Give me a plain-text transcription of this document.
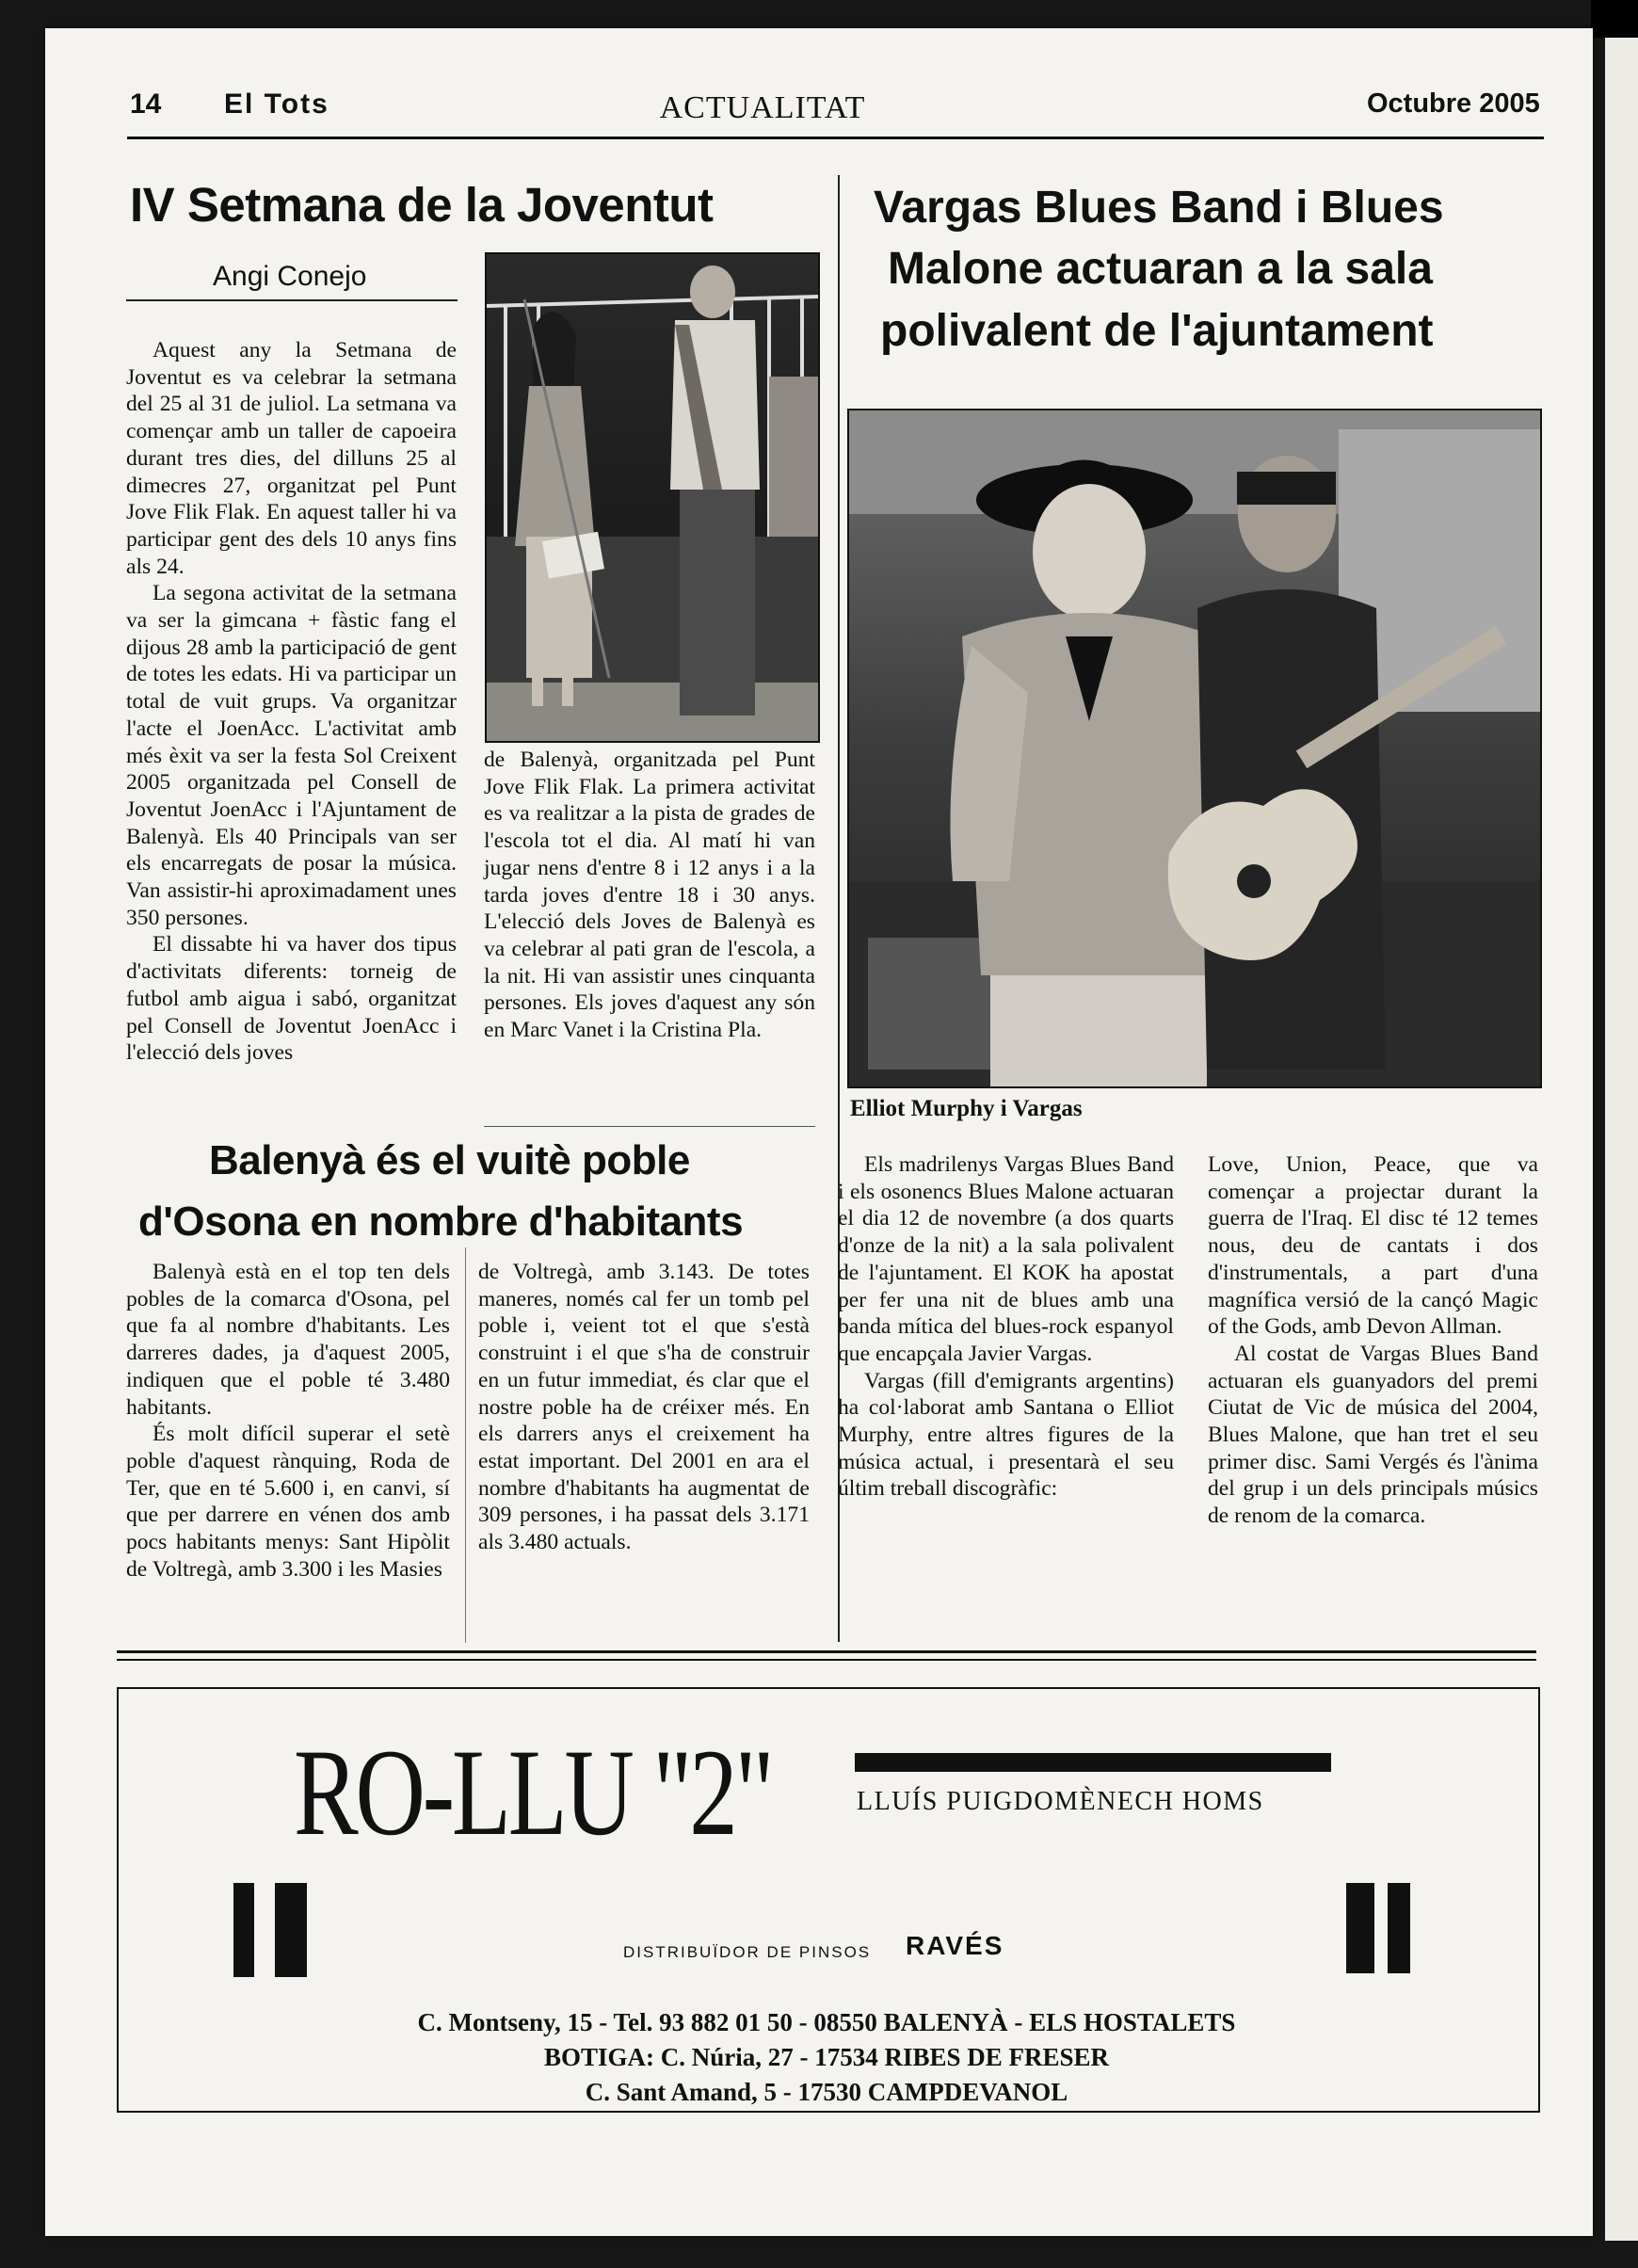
14 El Tots	ACTUALITAT	Octubre 2005
IV Setmana de la Joventut
Angi Conejo

Aquest any la Setmana de Joventut es va celebrar la setmana del 25 al 31 de juliol. La setmana va començar amb un taller de capoeira durant tres dies, del dilluns 25 al dimecres 27, organitzat pel Punt Jove Flik Flak. En aquest taller hi va participar gent des dels 10 anys fins als 24.

La segona activitat de la setmana va ser la gimcana + fàstic fang el dijous 28 amb la participació de gent de totes les edats. Hi va participar un total de vuit grups. Va organitzar l'acte el JoenAcc. L'activitat amb més èxit va ser la festa Sol Creixent 2005 organitzada pel Consell de Joventut JoenAcc i l'Ajuntament de Balenyà. Els 40 Principals van ser els encarregats de posar la música. Van assistir-hi aproximadament unes 350 persones.

El dissabte hi va haver dos tipus d'activitats diferents: torneig de futbol amb aigua i sabó, organitzat pel Consell de Joventut JoenAcc i l'elecció dels joves

de Balenyà, organitzada pel Punt Jove Flik Flak. La primera activitat es va realitzar a la pista de grades de l'escola tot el dia. Al matí hi van jugar nens d'entre 8 i 12 anys i a la tarda joves d'entre 18 i 30 anys. L'elecció dels Joves de Balenyà es va celebrar al pati gran de l'escola, a la nit. Hi van assistir unes cinquanta persones. Els joves d'aquest any són en Marc Vanet i la Cristina Pla.

Balenyà és el vuitè poble
d'Osona en nombre d'habitants

Balenyà està en el top ten dels pobles de la comarca d'Osona, pel que fa al nombre d'habitants. Les darreres dades, ja d'aquest 2005, indiquen que el poble té 3.480 habitants.

És molt difícil superar el setè poble d'aquest rànquing, Roda de Ter, que en té 5.600 i, en canvi, sí que per darrere en vénen dos amb pocs habitants menys: Sant Hipòlit de Voltregà, amb 3.300 i les Masies

de Voltregà, amb 3.143. De totes maneres, només cal fer un tomb pel poble i, veient tot el que s'està construint i el que s'ha de construir en un futur immediat, és clar que el nostre poble ha de créixer més. En els darrers anys el creixement ha estat important. Del 2001 en ara el nombre d'habitants ha augmentat de 309 persones, i ha passat dels 3.171 als 3.480 actuals.

Vargas Blues Band i Blues
Malone actuaran a la sala
polivalent de l'ajuntament
Elliot Murphy i Vargas

Els madrilenys Vargas Blues Band i els osonencs Blues Malone actuaran el dia 12 de novembre (a dos quarts d'onze de la nit) a la sala polivalent de l'ajuntament. El KOK ha apostat per fer una nit de blues amb una banda mítica del blues-rock espanyol que encapçala Javier Vargas.

Vargas (fill d'emigrants argentins) ha col·laborat amb Santana o Elliot Murphy, entre altres figures de la música actual, i presentarà el seu últim treball discogràfic:

Love, Union, Peace, que va començar a projectar durant la guerra de l'Iraq. El disc té 12 temes nous, deu de cantats i dos d'instrumentals, a part d'una magnífica versió de la cançó Magic of the Gods, amb Devon Allman.

Al costat de Vargas Blues Band actuaran els guanyadors del premi Ciutat de Vic de música del 2004, Blues Malone, que han tret el seu primer disc. Sami Vergés és l'ànima del grup i un dels principals músics de renom de la comarca.

RO-LLU "2"	LLUÍS PUIGDOMÈNECH HOMS
DISTRIBUÏDOR DE PINSOS RAVÉS
C. Montseny, 15 - Tel. 93 882 01 50 - 08550 BALENYÀ - ELS HOSTALETS
BOTIGA: C. Núria, 27 - 17534 RIBES DE FRESER
C. Sant Amand, 5 - 17530 CAMPDEVANOL
